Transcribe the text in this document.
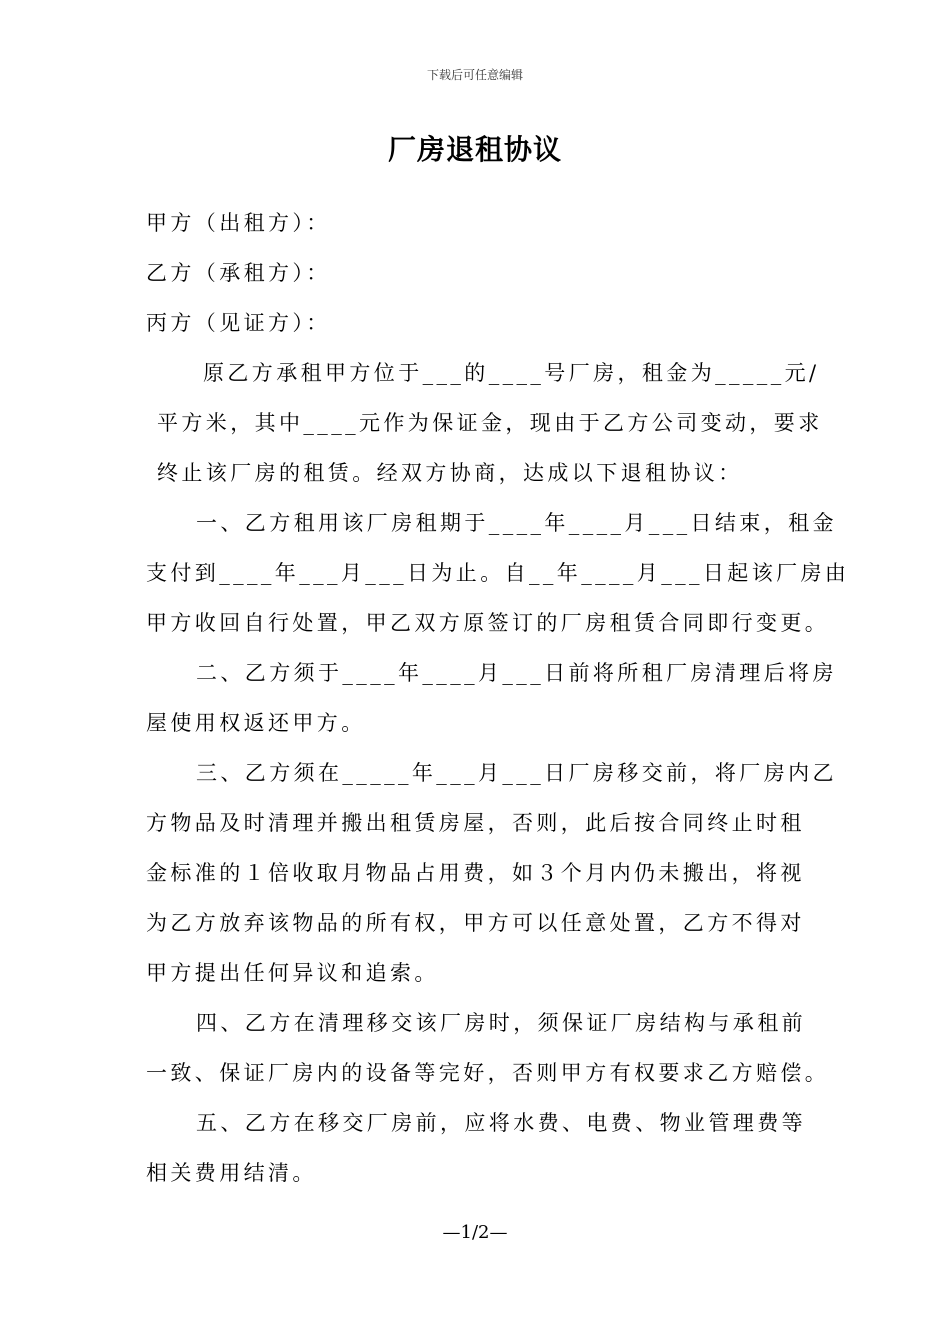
下载后可任意编辑
厂房退租协议
甲方（出租方）：
乙方（承租方）：
丙方（见证方）：
原乙方承租甲方位于___的____号厂房，租金为_____元/
平方米，其中____元作为保证金，现由于乙方公司变动，要求
终止该厂房的租赁。经双方协商，达成以下退租协议：
一、乙方租用该厂房租期于____年____月___日结束，租金
支付到____年___月___日为止。自__年____月___日起该厂房由
甲方收回自行处置，甲乙双方原签订的厂房租赁合同即行变更。
二、乙方须于____年____月___日前将所租厂房清理后将房
屋使用权返还甲方。
三、乙方须在_____年___月___日厂房移交前，将厂房内乙
方物品及时清理并搬出租赁房屋，否则，此后按合同终止时租
金标准的１倍收取月物品占用费，如３个月内仍未搬出，将视
为乙方放弃该物品的所有权，甲方可以任意处置，乙方不得对
甲方提出任何异议和追索。
四、乙方在清理移交该厂房时，须保证厂房结构与承租前
一致、保证厂房内的设备等完好，否则甲方有权要求乙方赔偿。
五、乙方在移交厂房前，应将水费、电费、物业管理费等
相关费用结清。
—1/2—
